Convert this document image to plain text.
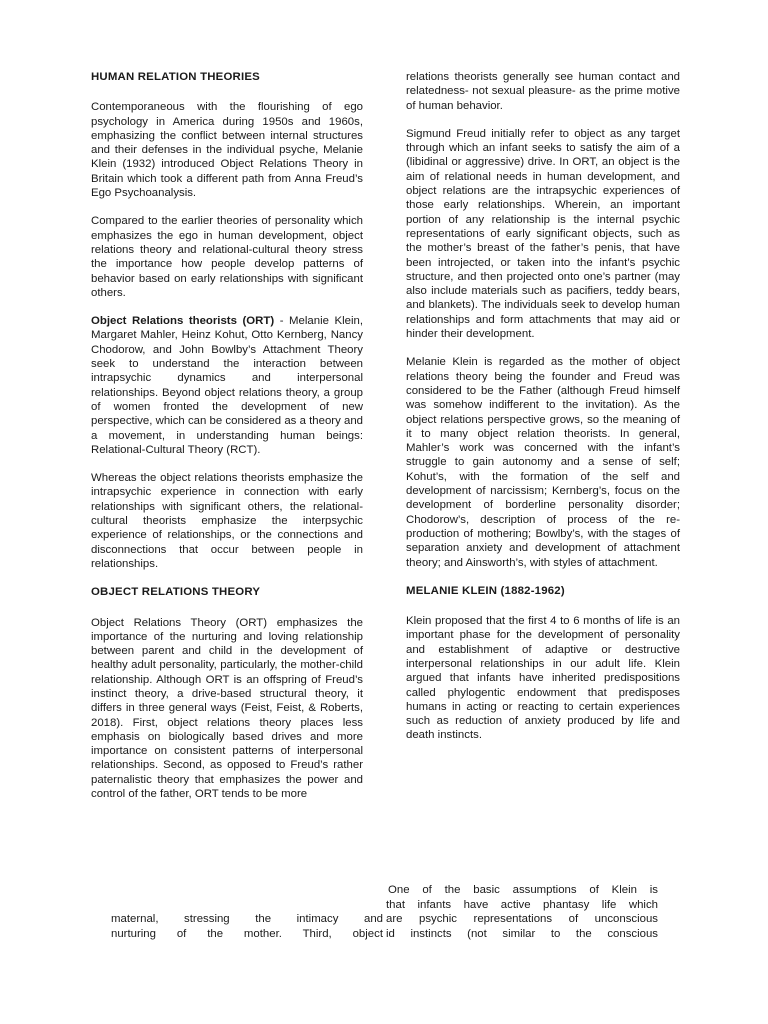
HUMAN RELATION THEORIES

Contemporaneous with the flourishing of ego psychology in America during 1950s and 1960s, emphasizing the conflict between internal structures and their defenses in the individual psyche, Melanie Klein (1932) introduced Object Relations Theory in Britain which took a different path from Anna Freud’s Ego Psychoanalysis.

Compared to the earlier theories of personality which emphasizes the ego in human development, object relations theory and relational-cultural theory stress the importance how people develop patterns of behavior based on early relationships with significant others.

Object Relations theorists (ORT) - Melanie Klein, Margaret Mahler, Heinz Kohut, Otto Kernberg, Nancy Chodorow, and John Bowlby’s Attachment Theory seek to understand the interaction between intrapsychic dynamics and interpersonal relationships. Beyond object relations theory, a group of women fronted the development of new perspective, which can be considered as a theory and a movement, in understanding human beings: Relational-Cultural Theory (RCT).

Whereas the object relations theorists emphasize the intrapsychic experience in connection with early relationships with significant others, the relational-cultural theorists emphasize the interpsychic experience of relationships, or the connections and disconnections that occur between people in relationships.

OBJECT RELATIONS THEORY

Object Relations Theory (ORT) emphasizes the importance of the nurturing and loving relationship between parent and child in the development of healthy adult personality, particularly, the mother-child relationship. Although ORT is an offspring of Freud’s instinct theory, a drive-based structural theory, it differs in three general ways (Feist, Feist, & Roberts, 2018). First, object relations theory places less emphasis on biologically based drives and more importance on consistent patterns of interpersonal relationships. Second, as opposed to Freud’s rather paternalistic theory that emphasizes the power and control of the father, ORT tends to be more

maternal, stressing the intimacy and
nurturing of the mother. Third, object

relations theorists generally see human contact and relatedness- not sexual pleasure- as the prime motive of human behavior.

Sigmund Freud initially refer to object as any target through which an infant seeks to satisfy the aim of a (libidinal or aggressive) drive. In ORT, an object is the aim of relational needs in human development, and object relations are the intrapsychic experiences of those early relationships. Wherein, an important portion of any relationship is the internal psychic representations of early significant objects, such as the mother’s breast of the father’s penis, that have been introjected, or taken into the infant’s psychic structure, and then projected onto one’s partner (may also include materials such as pacifiers, teddy bears, and blankets). The individuals seek to develop human relationships and form attachments that may aid or hinder their development.

Melanie Klein is regarded as the mother of object relations theory being the founder and Freud was considered to be the Father (although Freud himself was somehow indifferent to the invitation). As the object relations perspective grows, so the meaning of it to many object relation theorists. In general, Mahler’s work was concerned with the infant’s struggle to gain autonomy and a sense of self; Kohut’s, with the formation of the self and development of narcissism; Kernberg’s, focus on the development of borderline personality disorder; Chodorow’s, description of process of the re-production of mothering; Bowlby’s, with the stages of separation anxiety and development of attachment theory; and Ainsworth’s, with styles of attachment.

MELANIE KLEIN (1882-1962)

Klein proposed that the first 4 to 6 months of life is an important phase for the development of personality and establishment of adaptive or destructive interpersonal relationships in our adult life. Klein argued that infants have inherited predispositions called phylogentic endowment that predisposes humans in acting or reacting to certain experiences such as reduction of anxiety produced by life and death instincts.

One of the basic assumptions of Klein is
that infants have active phantasy life which
are psychic representations of unconscious
id instincts (not similar to the conscious
